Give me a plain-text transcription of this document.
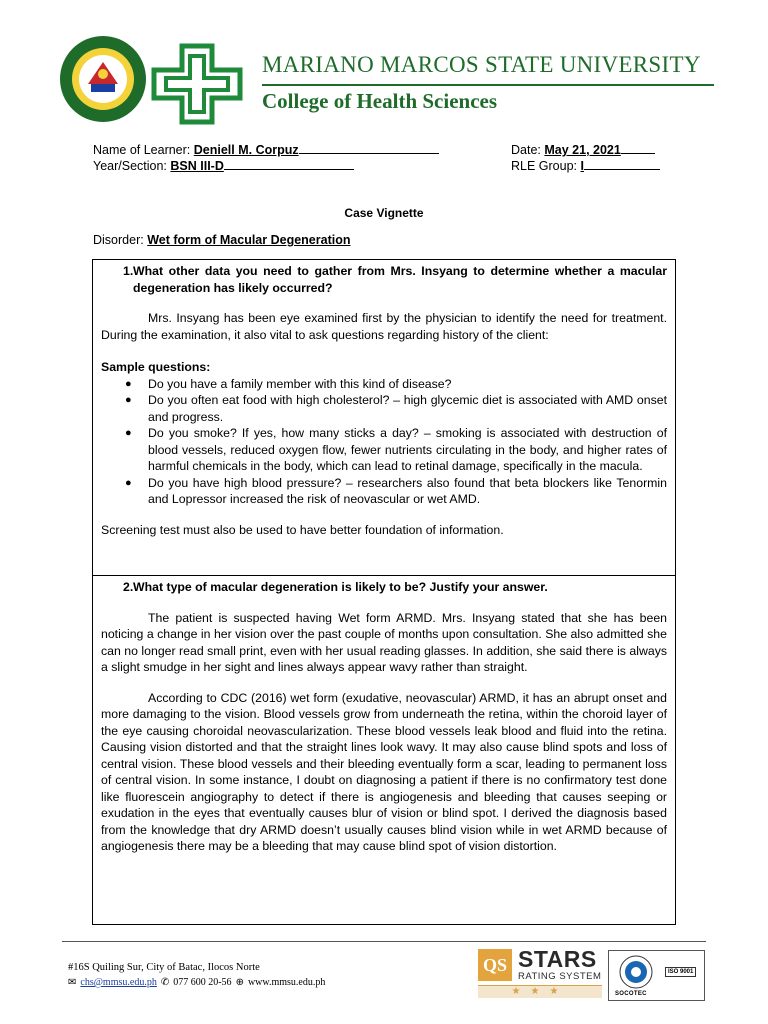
MARIANO MARCOS STATE UNIVERSITY
College of Health Sciences
Name of Learner: Deniell M. Corpuz	Date: May 21, 2021
Year/Section: BSN III-D	RLE Group: I
Case Vignette
Disorder: Wet form of Macular Degeneration
1. What other data you need to gather from Mrs. Insyang to determine whether a macular degeneration has likely occurred?

Mrs. Insyang has been eye examined first by the physician to identify the need for treatment. During the examination, it also vital to ask questions regarding history of the client:

Sample questions:

●	Do you have a family member with this kind of disease?
●	Do you often eat food with high cholesterol? – high glycemic diet is associated with AMD onset and progress.
●	Do you smoke? If yes, how many sticks a day? – smoking is associated with destruction of blood vessels, reduced oxygen flow, fewer nutrients circulating in the body, and higher rates of harmful chemicals in the body, which can lead to retinal damage, specifically in the macula.
●	Do you have high blood pressure? – researchers also found that beta blockers like Tenormin and Lopressor increased the risk of neovascular or wet AMD.

Screening test must also be used to have better foundation of information.

2. What type of macular degeneration is likely to be? Justify your answer.

The patient is suspected having Wet form ARMD. Mrs. Insyang stated that she has been noticing a change in her vision over the past couple of months upon consultation. She also admitted she can no longer read small print, even with her usual reading glasses. In addition, she said there is always a slight smudge in her sight and lines always appear wavy rather than straight.

According to CDC (2016) wet form (exudative, neovascular) ARMD, it has an abrupt onset and more damaging to the vision. Blood vessels grow from underneath the retina, within the choroid layer of the eye causing choroidal neovascularization. These blood vessels leak blood and fluid into the retina. Causing vision distorted and that the straight lines look wavy. It may also cause blind spots and loss of central vision. These blood vessels and their bleeding eventually form a scar, leading to permanent loss of central vision. In some instance, I doubt on diagnosing a patient if there is no confirmatory test done like fluorescein angiography to detect if there is angiogenesis and bleeding that causes seeping or exudation in the eyes that eventually causes blur of vision or blind spot. I derived the diagnosis based from the knowledge that dry ARMD doesn’t usually causes blind vision while in wet ARMD because of angiogenesis there may be a bleeding that may cause blind spot of vision distortion.

#16S Quiling Sur, City of Batac, Ilocos Norte
✉ chs@mmsu.edu.ph ✆ 077 600 20-56 ⊕ www.mmsu.edu.ph
QS STARS
RATING SYSTEM
★★★
ISO 9001
SOCOTEC
